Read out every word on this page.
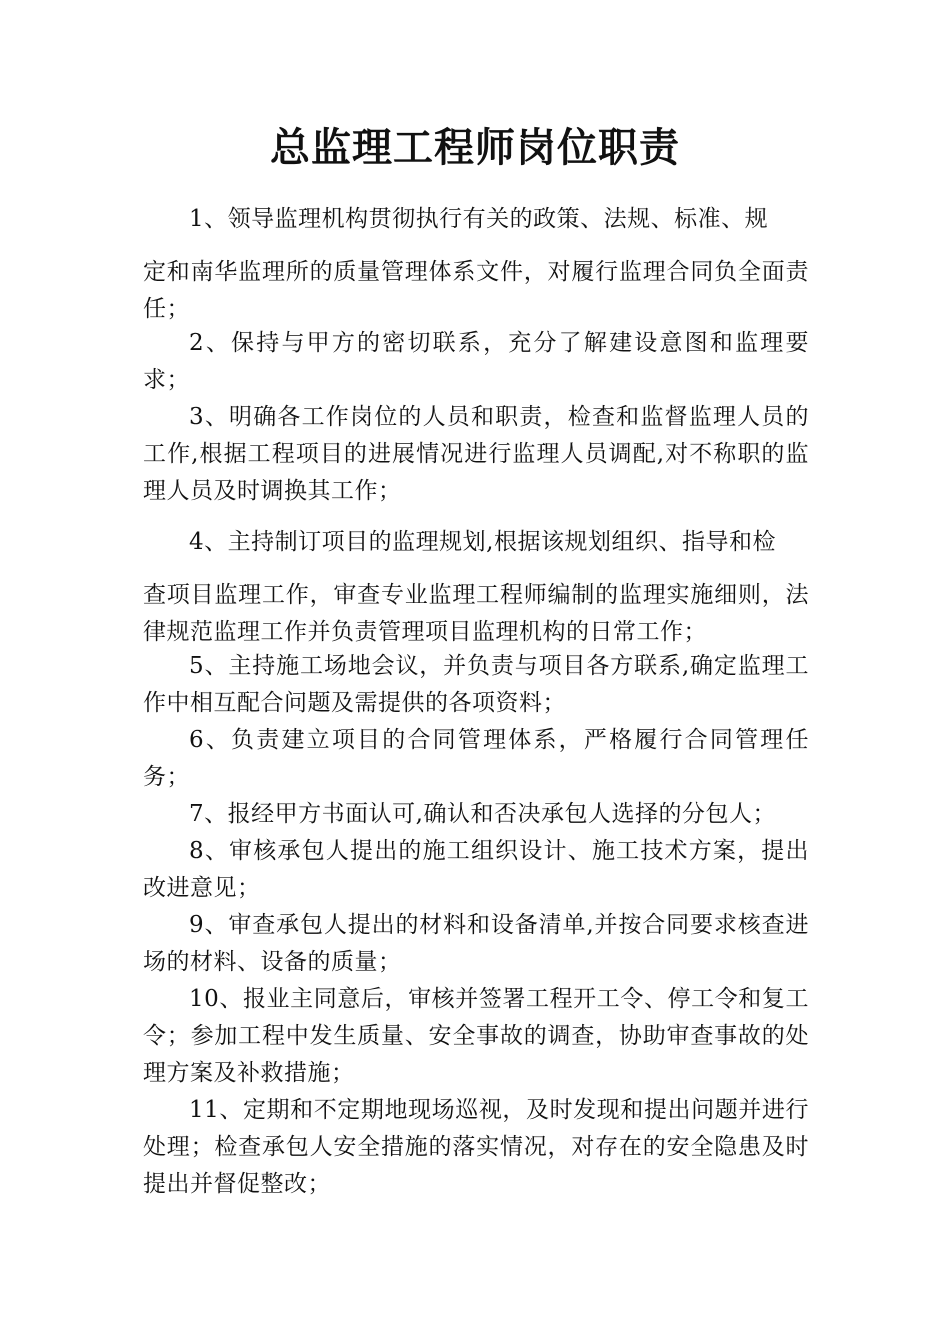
总监理工程师岗位职责

1、领导监理机构贯彻执行有关的政策、法规、标准、规
定和南华监理所的质量管理体系文件，对履行监理合同负全面责任；

2、保持与甲方的密切联系，充分了解建设意图和监理要求；

3、明确各工作岗位的人员和职责，检查和监督监理人员的工作,根据工程项目的进展情况进行监理人员调配,对不称职的监理人员及时调换其工作；

4、主持制订项目的监理规划,根据该规划组织、指导和检
查项目监理工作，审查专业监理工程师编制的监理实施细则，法律规范监理工作并负责管理项目监理机构的日常工作；

5、主持施工场地会议，并负责与项目各方联系,确定监理工作中相互配合问题及需提供的各项资料；

6、负责建立项目的合同管理体系，严格履行合同管理任务；

7、报经甲方书面认可,确认和否决承包人选择的分包人；

8、审核承包人提出的施工组织设计、施工技术方案，提出改进意见；

9、审查承包人提出的材料和设备清单,并按合同要求核查进场的材料、设备的质量；

10、报业主同意后，审核并签署工程开工令、停工令和复工令；参加工程中发生质量、安全事故的调查，协助审查事故的处理方案及补救措施；

11、定期和不定期地现场巡视，及时发现和提出问题并进行处理；检查承包人安全措施的落实情况，对存在的安全隐患及时提出并督促整改；
